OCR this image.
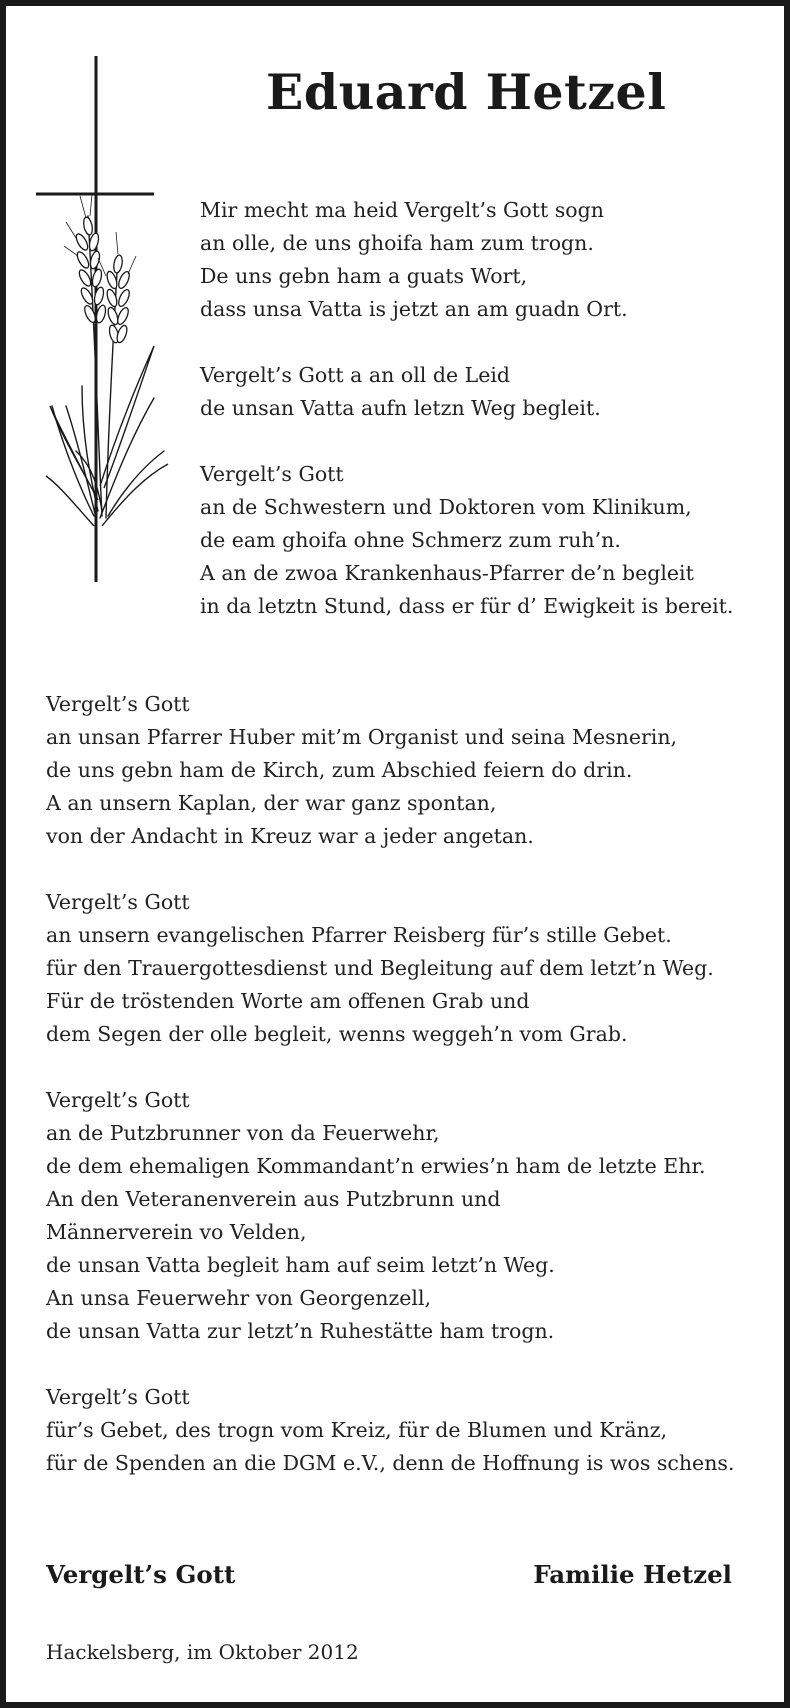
Eduard Hetzel
Mir mecht ma heid Vergelt’s Gott sogn
an olle, de uns ghoifa ham zum trogn.
De uns gebn ham a guats Wort,
dass unsa Vatta is jetzt an am guadn Ort.
Vergelt’s Gott a an oll de Leid
de unsan Vatta aufn letzn Weg begleit.
Vergelt’s Gott
an de Schwestern und Doktoren vom Klinikum,
de eam ghoifa ohne Schmerz zum ruh’n.
A an de zwoa Krankenhaus-Pfarrer de’n begleit
in da letztn Stund, dass er für d’ Ewigkeit is bereit.
Vergelt’s Gott
an unsan Pfarrer Huber mit’m Organist und seina Mesnerin,
de uns gebn ham de Kirch, zum Abschied feiern do drin.
A an unsern Kaplan, der war ganz spontan,
von der Andacht in Kreuz war a jeder angetan.
Vergelt’s Gott
an unsern evangelischen Pfarrer Reisberg für’s stille Gebet.
für den Trauergottesdienst und Begleitung auf dem letzt’n Weg.
Für de tröstenden Worte am offenen Grab und
dem Segen der olle begleit, wenns weggeh’n vom Grab.
Vergelt’s Gott
an de Putzbrunner von da Feuerwehr,
de dem ehemaligen Kommandant’n erwies’n ham de letzte Ehr.
An den Veteranenverein aus Putzbrunn und
Männerverein vo Velden,
de unsan Vatta begleit ham auf seim letzt’n Weg.
An unsa Feuerwehr von Georgenzell,
de unsan Vatta zur letzt’n Ruhestätte ham trogn.
Vergelt’s Gott
für’s Gebet, des trogn vom Kreiz, für de Blumen und Kränz,
für de Spenden an die DGM e.V., denn de Hoffnung is wos schens.
Vergelt’s Gott	Familie Hetzel
Hackelsberg, im Oktober 2012
